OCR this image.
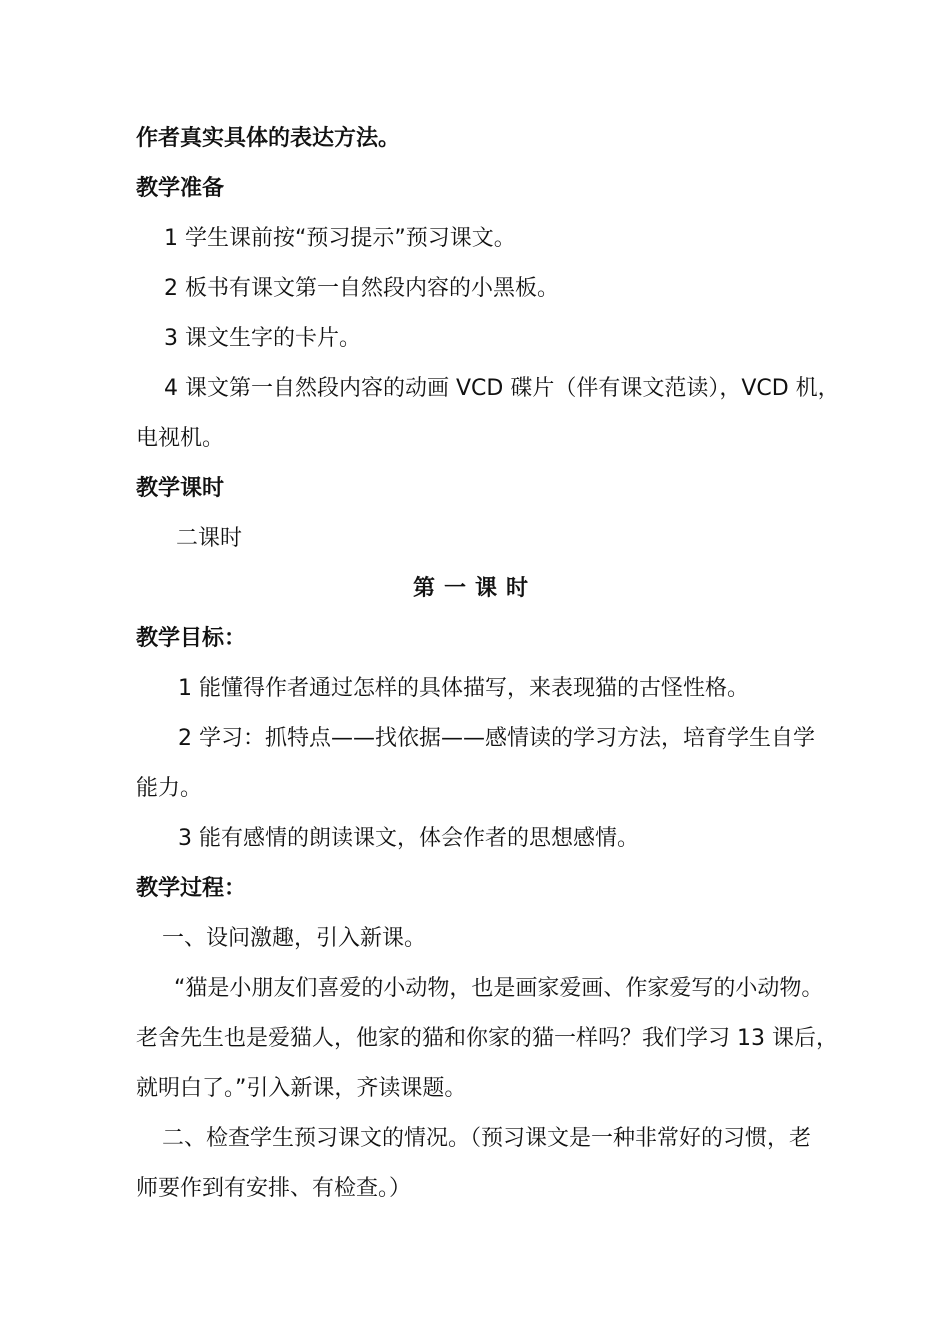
作者真实具体的表达方法。
教学准备
1 学生课前按“预习提示”预习课文。
2 板书有课文第一自然段内容的小黑板。
3 课文生字的卡片。
4 课文第一自然段内容的动画 VCD 碟片（伴有课文范读），VCD 机，
电视机。
教学课时
二课时
第一课时
教学目标：
1 能懂得作者通过怎样的具体描写，来表现猫的古怪性格。
2 学习：抓特点——找依据——感情读的学习方法，培育学生自学
能力。
3 能有感情的朗读课文，体会作者的思想感情。
教学过程：
一、设问激趣，引入新课。
“猫是小朋友们喜爱的小动物，也是画家爱画、作家爱写的小动物。
老舍先生也是爱猫人，他家的猫和你家的猫一样吗？我们学习 13 课后，
就明白了。”引入新课，齐读课题。
二、检查学生预习课文的情况。（预习课文是一种非常好的习惯，老
师要作到有安排、有检查。）
